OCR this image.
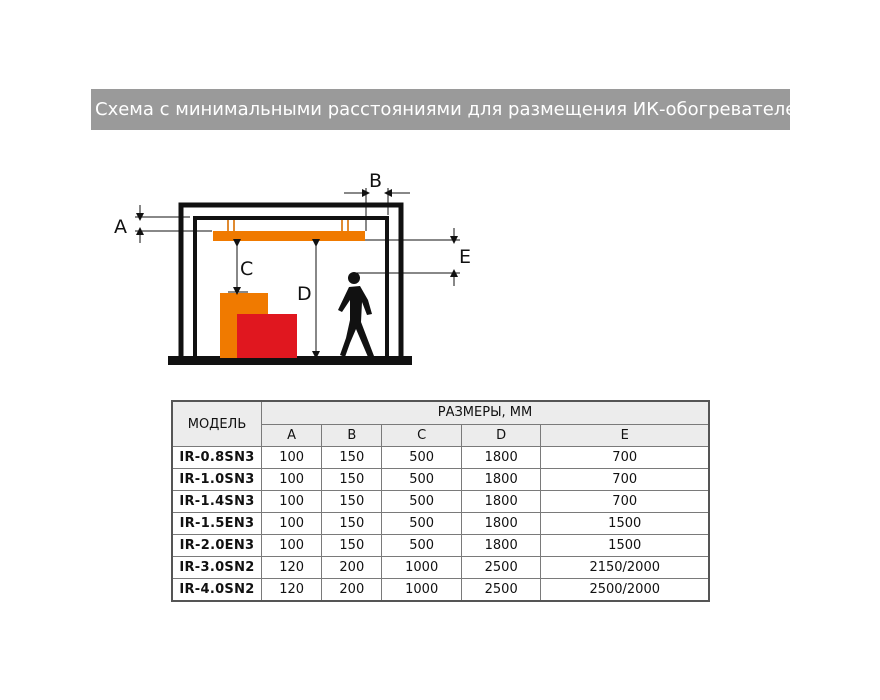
Схема с минимальными расстояниями для размещения ИК-обогревателей
A
B
C
D
E
МОДЕЛЬ	РАЗМЕРЫ, ММ				
	A	B	C	D	E
IR-0.8SN3	100	150	500	1800	700
IR-1.0SN3	100	150	500	1800	700
IR-1.4SN3	100	150	500	1800	700
IR-1.5EN3	100	150	500	1800	1500
IR-2.0EN3	100	150	500	1800	1500
IR-3.0SN2	120	200	1000	2500	2150/2000
IR-4.0SN2	120	200	1000	2500	2500/2000
